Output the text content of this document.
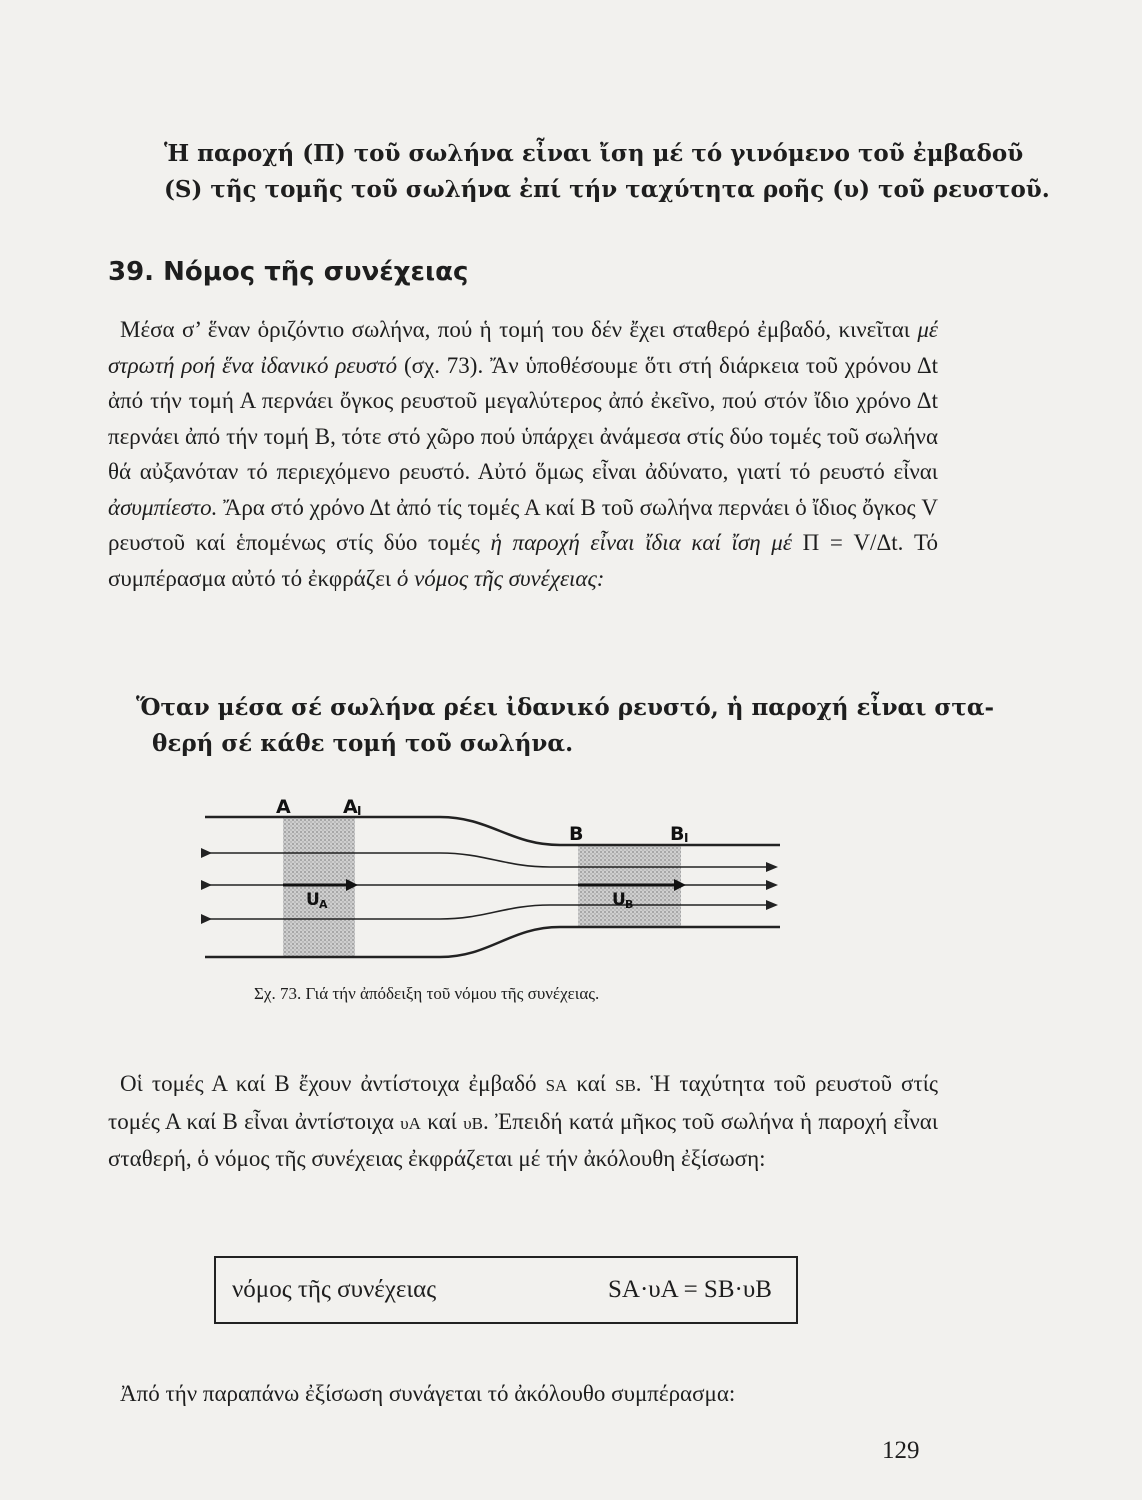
Ἡ παροχή (Π) τοῦ σωλήνα εἶναι ἴση μέ τό γινόμενο τοῦ ἐμβαδοῦ

(S) τῆς τομῆς τοῦ σωλήνα ἐπί τήν ταχύτητα ροῆς (υ) τοῦ ρευστοῦ.

39. Νόμος τῆς συνέχειας

Μέσα σ’ ἕναν ὁριζόντιο σωλήνα, πού ἡ τομή του δέν ἔχει σταθερό ἐμβαδό, κινεῖται μέ στρωτή ροή ἕνα ἰδανικό ρευστό (σχ. 73). Ἄν ὑποθέσουμε ὅτι στή διάρκεια τοῦ χρόνου Δt ἀπό τήν τομή Α περνάει ὄγκος ρευστοῦ μεγαλύτερος ἀπό ἐκεῖνο, πού στόν ἴδιο χρόνο Δt περνάει ἀπό τήν τομή Β, τότε στό χῶρο πού ὑπάρχει ἀνάμεσα στίς δύο τομές τοῦ σωλήνα θά αὐξανόταν τό περιεχόμενο ρευστό. Αὐτό ὅμως εἶναι ἀδύνατο, γιατί τό ρευστό εἶναι ἀσυμπίεστο. Ἄρα στό χρόνο Δt ἀπό τίς τομές Α καί Β τοῦ σωλήνα περνάει ὁ ἴδιος ὄγκος V ρευστοῦ καί ἑπομένως στίς δύο τομές ἡ παροχή εἶναι ἴδια καί ἴση μέ Π = V/Δt. Τό συμπέρασμα αὐτό τό ἐκφράζει ὁ νόμος τῆς συνέχειας:

Ὅταν μέσα σέ σωλήνα ρέει ἰδανικό ρευστό, ἡ παροχή εἶναι στα-

θερή σέ κάθε τομή τοῦ σωλήνα.

A	A I
B	B I
U A	U B

Σχ. 73. Γιά τήν ἀπόδειξη τοῦ νόμου τῆς συνέχειας.

Οἱ τομές Α καί Β ἔχουν ἀντίστοιχα ἐμβαδό SA καί SB. Ἡ ταχύτητα τοῦ ρευστοῦ στίς τομές Α καί Β εἶναι ἀντίστοιχα υA καί υB. Ἐπειδή κατά μῆκος τοῦ σωλήνα ἡ παροχή εἶναι σταθερή, ὁ νόμος τῆς συνέχειας ἐκφράζεται μέ τήν ἀκόλουθη ἐξίσωση:

νόμος τῆς συνέχειας	SA·υA = SB·υB

Ἀπό τήν παραπάνω ἐξίσωση συνάγεται τό ἀκόλουθο συμπέρασμα:

129
